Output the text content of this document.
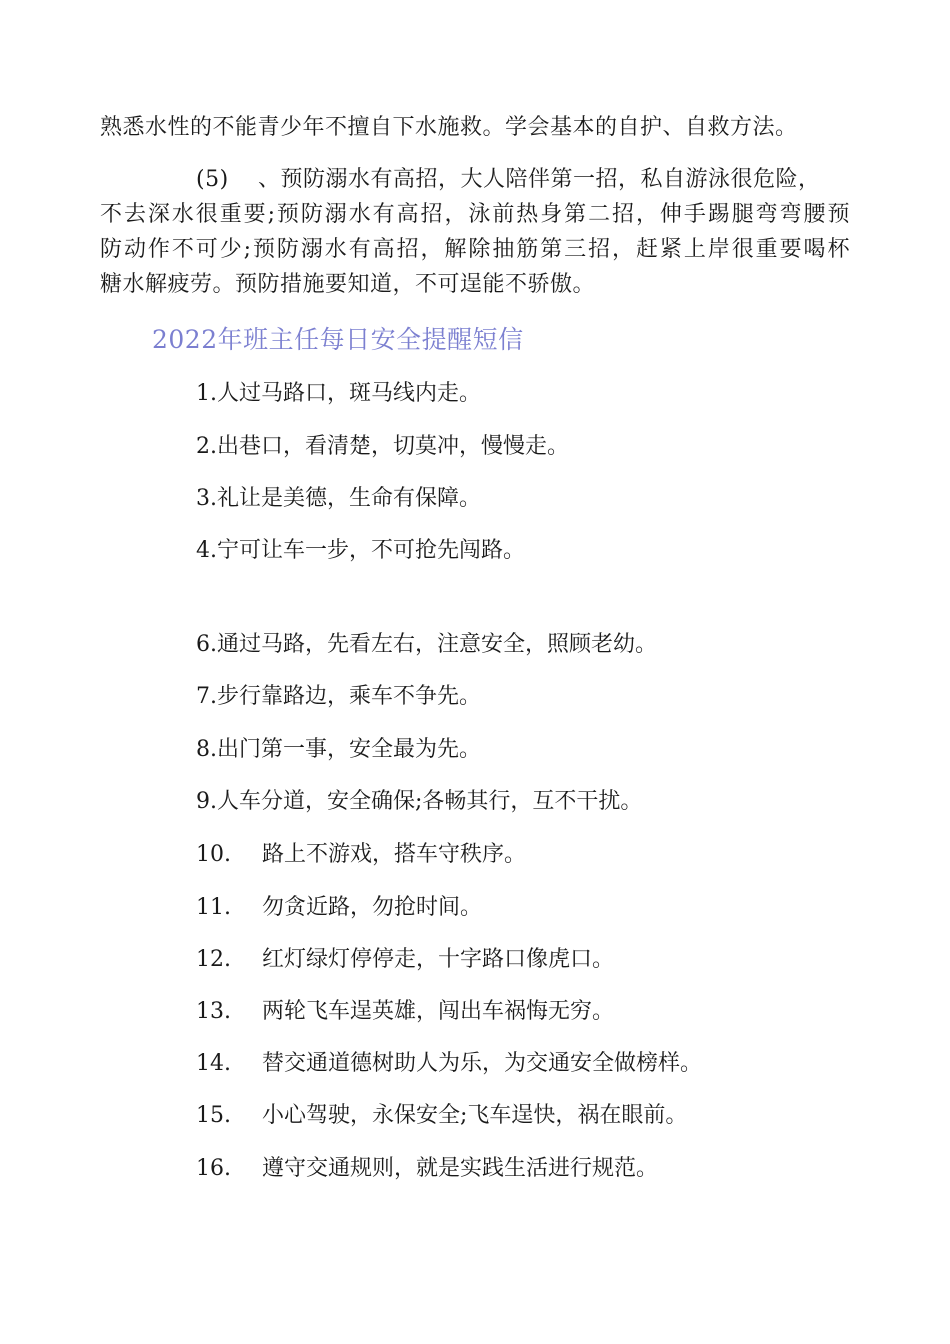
熟悉水性的不能青少年不擅自下水施救。学会基本的自护、自救方法。
(5) 、预防溺水有高招，大人陪伴第一招，私自游泳很危险，
不去深水很重要;预防溺水有高招，泳前热身第二招，伸手踢腿弯弯腰预
防动作不可少;预防溺水有高招，解除抽筋第三招，赶紧上岸很重要喝杯
糖水解疲劳。预防措施要知道，不可逞能不骄傲。
2022年班主任每日安全提醒短信
1.人过马路口，斑马线内走。
2.出巷口，看清楚，切莫冲，慢慢走。
3.礼让是美德，生命有保障。
4.宁可让车一步，不可抢先闯路。
6.通过马路，先看左右，注意安全，照顾老幼。
7.步行靠路边，乘车不争先。
8.出门第一事，安全最为先。
9.人车分道，安全确保;各畅其行，互不干扰。
10. 路上不游戏，搭车守秩序。
11. 勿贪近路，勿抢时间。
12. 红灯绿灯停停走，十字路口像虎口。
13. 两轮飞车逞英雄，闯出车祸悔无穷。
14. 替交通道德树助人为乐，为交通安全做榜样。
15. 小心驾驶，永保安全;飞车逞快，祸在眼前。
16. 遵守交通规则，就是实践生活进行规范。
